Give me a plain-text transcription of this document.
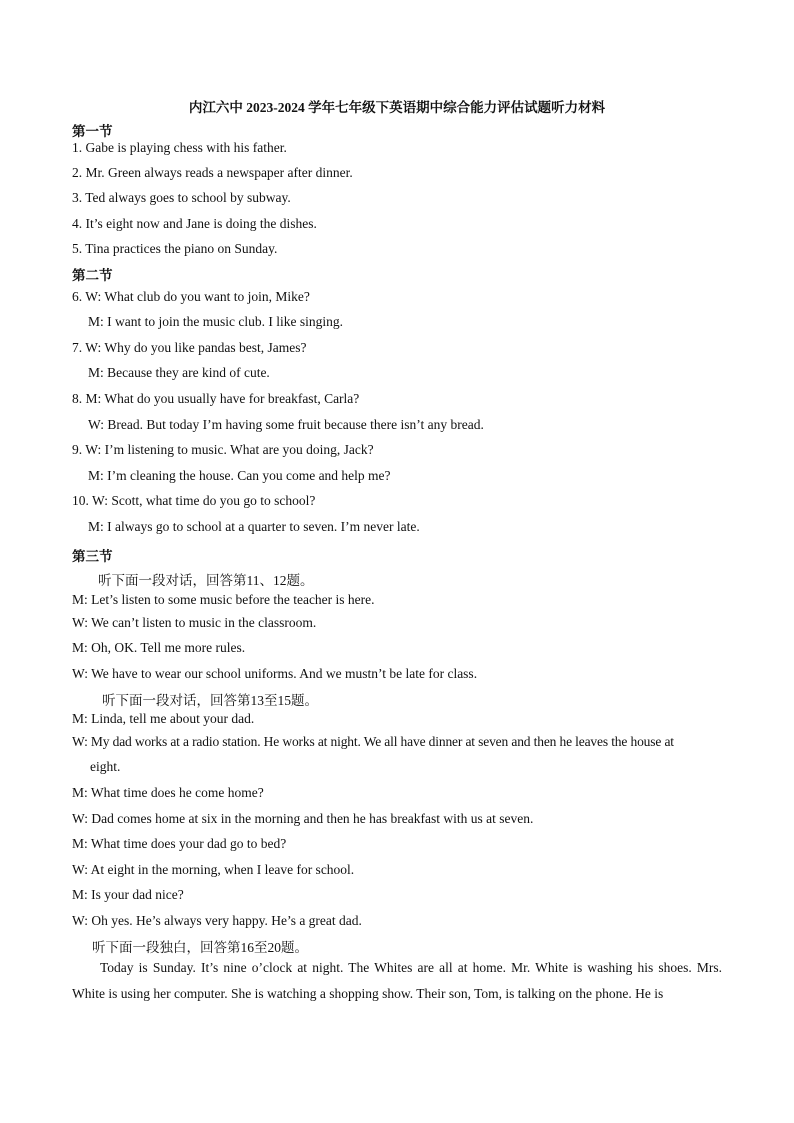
内江六中 2023-2024 学年七年级下英语期中综合能力评估试题听力材料
第一节
1. Gabe is playing chess with his father.
2. Mr. Green always reads a newspaper after dinner.
3. Ted always goes to school by subway.
4. It’s eight now and Jane is doing the dishes.
5. Tina practices the piano on Sunday.
第二节
6. W: What club do you want to join, Mike?
M: I want to join the music club. I like singing.
7. W: Why do you like pandas best, James?
M: Because they are kind of cute.
8. M: What do you usually have for breakfast, Carla?
W: Bread. But today I’m having some fruit because there isn’t any bread.
9. W: I’m listening to music. What are you doing, Jack?
M: I’m cleaning the house. Can you come and help me?
10. W: Scott, what time do you go to school?
M: I always go to school at a quarter to seven. I’m never late.
第三节
听下面一段对话，回答第11、12题。
M: Let’s listen to some music before the teacher is here.
W: We can’t listen to music in the classroom.
M: Oh, OK. Tell me more rules.
W: We have to wear our school uniforms. And we mustn’t be late for class.
听下面一段对话，回答第13至15题。
M: Linda, tell me about your dad.
W: My dad works at a radio station. He works at night. We all have dinner at seven and then he leaves the house at
eight.
M: What time does he come home?
W: Dad comes home at six in the morning and then he has breakfast with us at seven.
M: What time does your dad go to bed?
W: At eight in the morning, when I leave for school.
M: Is your dad nice?
W: Oh yes. He’s always very happy. He’s a great dad.
听下面一段独白，回答第16至20题。
Today is Sunday. It’s nine o’clock at night. The Whites are all at home. Mr. White is washing his shoes. Mrs. White is using her computer. She is watching a shopping show. Their son, Tom, is talking on the phone. He is
